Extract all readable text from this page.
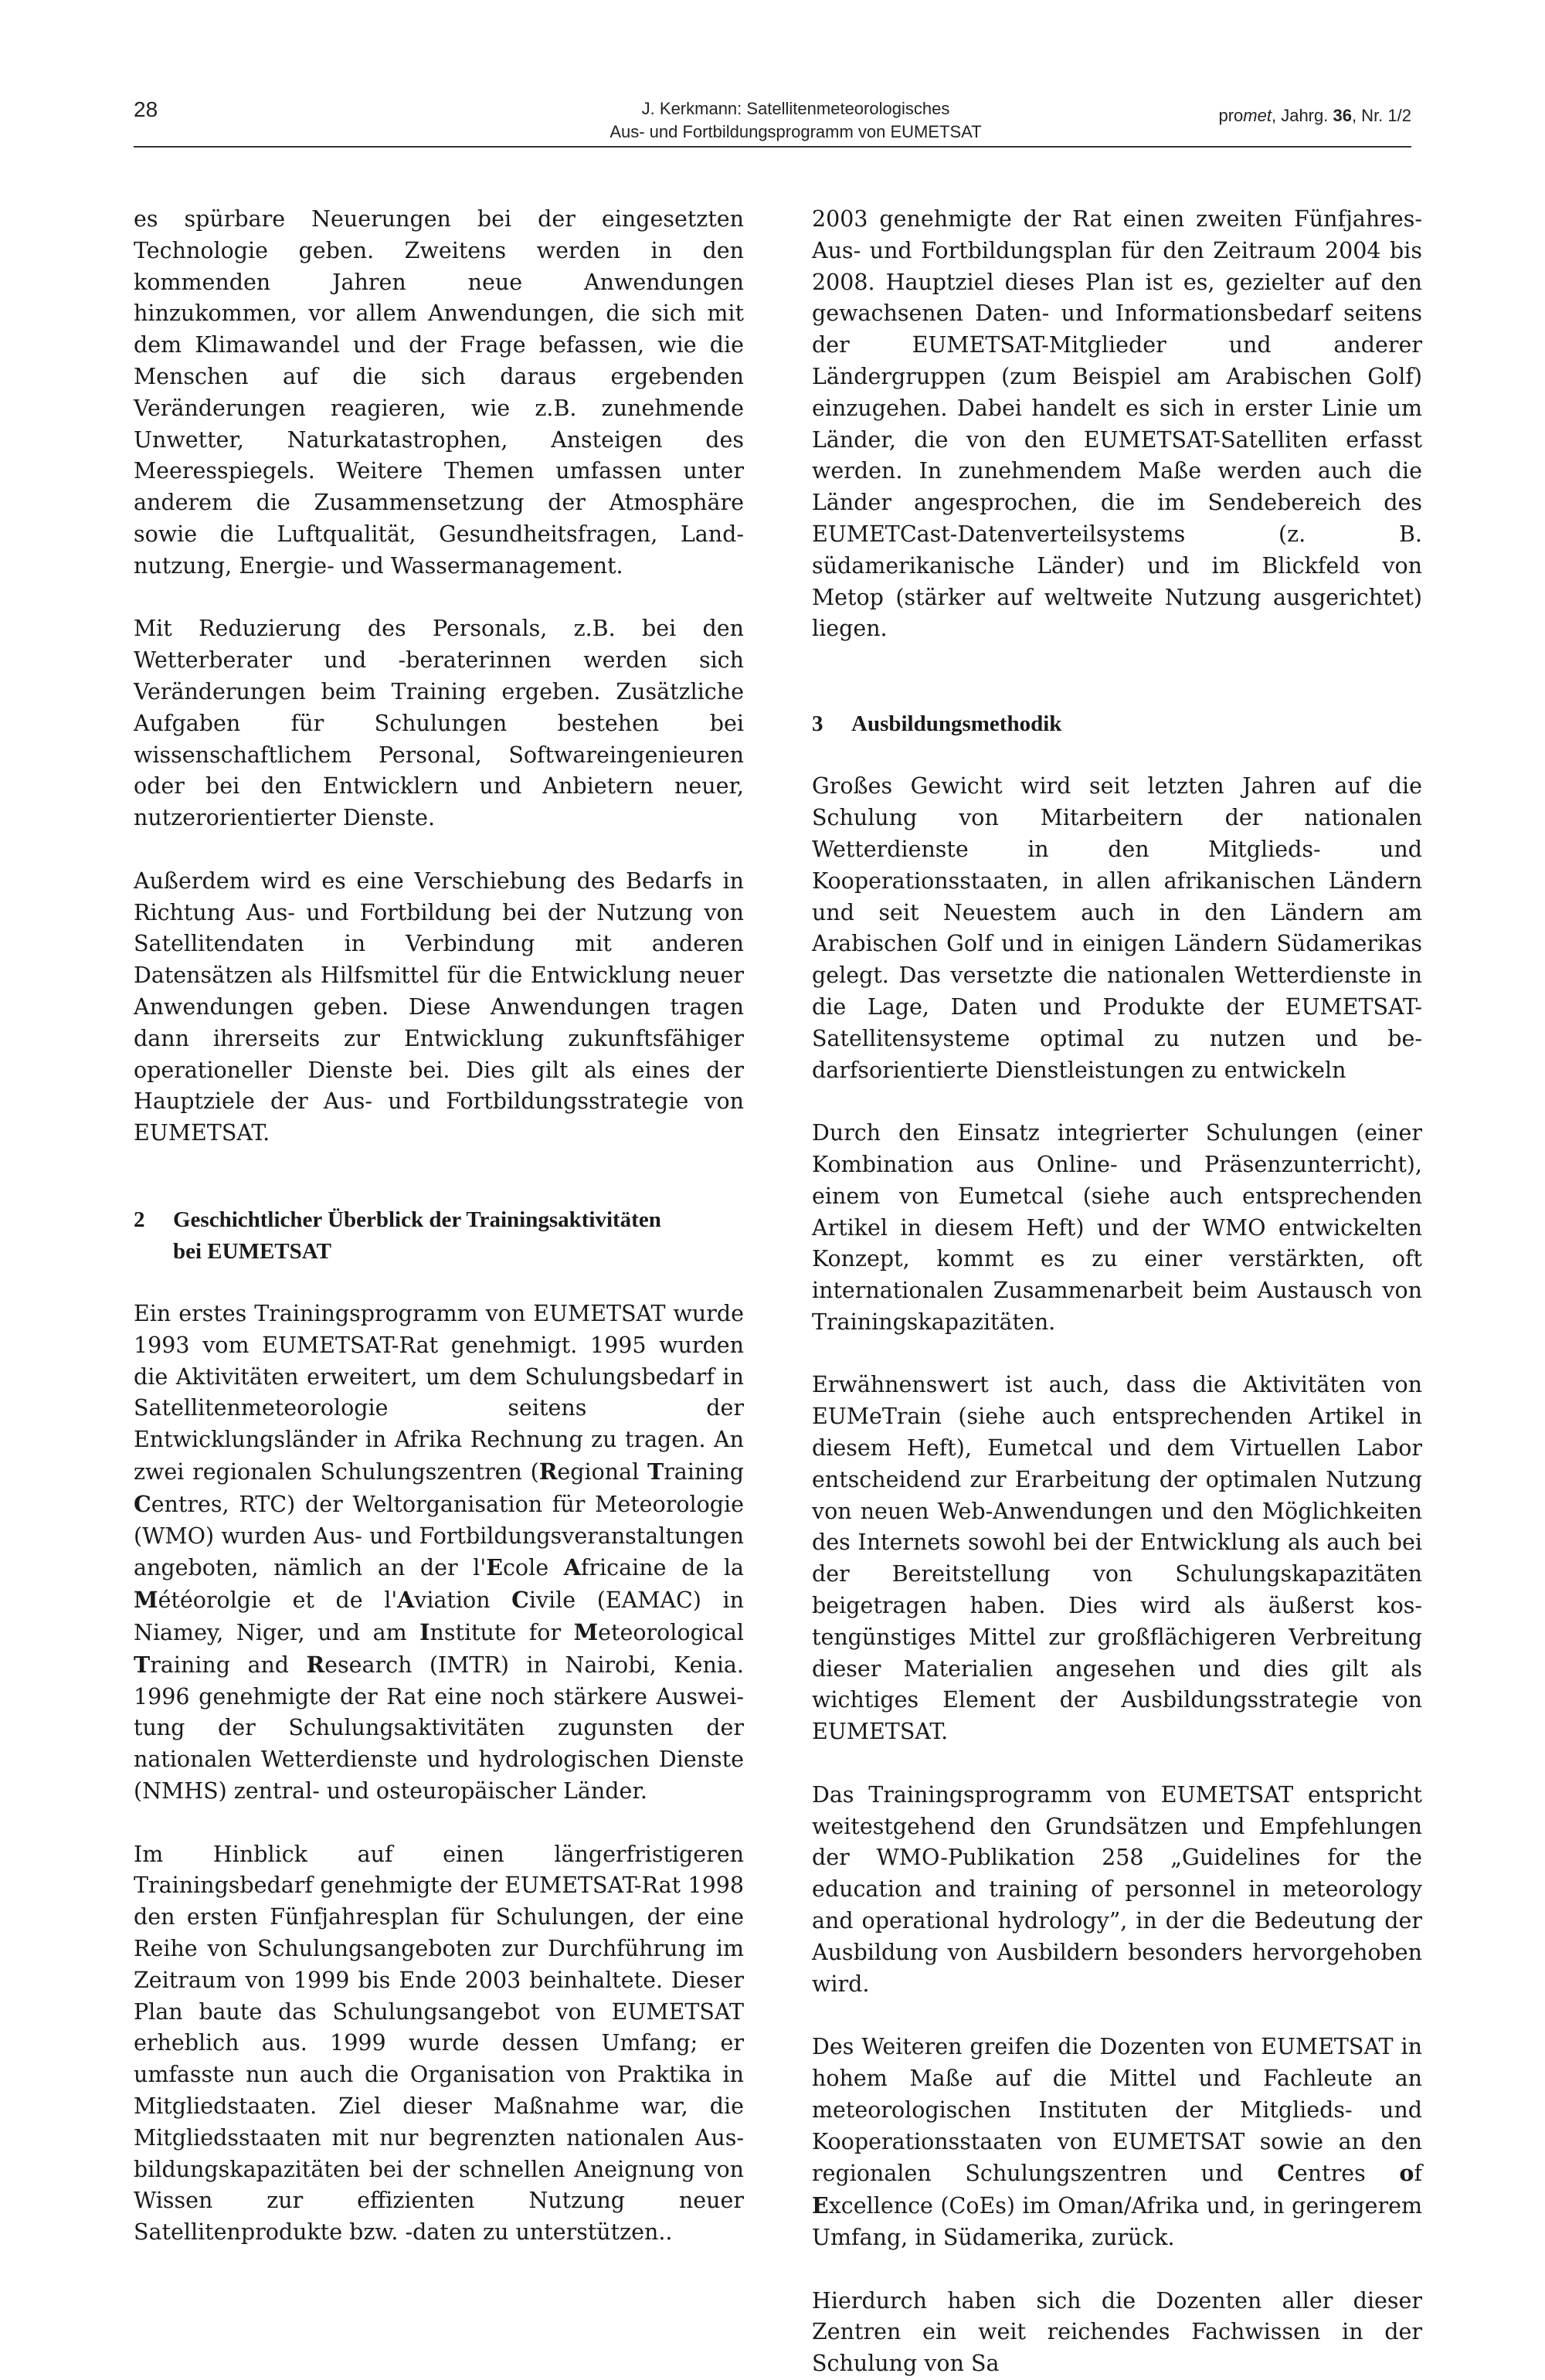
28	J. Kerkmann: Satellitenmeteorologisches
Aus- und Fortbildungsprogramm von EUMETSAT
promet, Jahrg. 36, Nr. 1/2

es spürbare Neuerungen bei der eingesetzten Technologie geben. Zweitens werden in den kommenden Jahren neue Anwendungen hinzukommen, vor allem Anwendungen, die sich mit dem Klimawandel und der Frage befassen, wie die Menschen auf die sich daraus ergebenden Veränderungen reagieren, wie z.B. zunehmende Unwetter, Naturkatastrophen, Ansteigen des Meeresspiegels. Weitere Themen umfassen unter anderem die Zusammensetzung der Atmosphäre sowie die Luftqualität, Gesundheitsfragen, Landnutzung, Energie- und Wassermanagement.

Mit Reduzierung des Personals, z.B. bei den Wetterberater und -beraterinnen werden sich Veränderungen beim Training ergeben. Zusätzliche Aufgaben für Schulungen bestehen bei wissenschaftlichem Personal, Softwareingenieuren oder bei den Entwicklern und Anbietern neuer, nutzerorientierter Dienste.

Außerdem wird es eine Verschiebung des Bedarfs in Richtung Aus- und Fortbildung bei der Nutzung von Satellitendaten in Verbindung mit anderen Datensätzen als Hilfsmittel für die Entwicklung neuer Anwendungen geben. Diese Anwendungen tragen dann ihrerseits zur Entwicklung zukunftsfähiger operationeller Dienste bei. Dies gilt als eines der Hauptziele der Aus- und Fortbildungsstrategie von EUMETSAT.

2	Geschichtlicher Überblick der Trainingsaktivitäten
bei EUMETSAT

Ein erstes Trainingsprogramm von EUMETSAT wurde 1993 vom EUMETSAT-Rat genehmigt. 1995 wurden die Aktivitäten erweitert, um dem Schulungsbedarf in Satellitenmeteorologie seitens der Entwicklungsländer in Afrika Rechnung zu tragen. An zwei regionalen Schulungszentren (Regional Training Centres, RTC) der Weltorganisation für Meteorologie (WMO) wurden Aus- und Fortbildungsveranstaltungen angeboten, nämlich an der l'Ecole Africaine de la Météorolgie et de l'Aviation Civile (EAMAC) in Niamey, Niger, und am Institute for Meteorological Training and Research (IMTR) in Nairobi, Kenia. 1996 genehmigte der Rat eine noch stärkere Ausweitung der Schulungsaktivitäten zugunsten der nationalen Wetterdienste und hydrologischen Dienste (NMHS) zentral- und osteuropäischer Länder.

Im Hinblick auf einen längerfristigeren Trainingsbedarf genehmigte der EUMETSAT-Rat 1998 den ersten Fünfjahresplan für Schulungen, der eine Reihe von Schulungsangeboten zur Durchführung im Zeitraum von 1999 bis Ende 2003 beinhaltete. Dieser Plan baute das Schulungsangebot von EUMETSAT erheblich aus. 1999 wurde dessen Umfang; er umfasste nun auch die Organisation von Praktika in Mitgliedstaaten. Ziel dieser Maßnahme war, die Mitgliedsstaaten mit nur begrenzten nationalen Ausbildungskapazitäten bei der schnellen Aneignung von Wissen zur effizienten Nutzung neuer Satellitenprodukte bzw. -daten zu unterstützen..

2003 genehmigte der Rat einen zweiten Fünfjahres-Aus- und Fortbildungsplan für den Zeitraum 2004 bis 2008. Hauptziel dieses Plan ist es, gezielter auf den gewachsenen Daten- und Informationsbedarf seitens der EUMETSAT-Mitglieder und anderer Ländergruppen (zum Beispiel am Arabischen Golf) einzugehen. Dabei handelt es sich in erster Linie um Länder, die von den EUMETSAT-Satelliten erfasst werden. In zunehmendem Maße werden auch die Länder angesprochen, die im Sendebereich des EUMETCast-Datenverteilsystems (z. B. südamerikanische Länder) und im Blickfeld von Metop (stärker auf weltweite Nutzung ausgerichtet) liegen.

3	Ausbildungsmethodik

Großes Gewicht wird seit letzten Jahren auf die Schulung von Mitarbeitern der nationalen Wetterdienste in den Mitglieds- und Kooperationsstaaten, in allen afrikanischen Ländern und seit Neuestem auch in den Ländern am Arabischen Golf und in einigen Ländern Südamerikas gelegt. Das versetzte die nationalen Wetterdienste in die Lage, Daten und Produkte der EUMETSAT-Satellitensysteme optimal zu nutzen und bedarfsorientierte Dienstleistungen zu entwickeln

Durch den Einsatz integrierter Schulungen (einer Kombination aus Online- und Präsenzunterricht), einem von Eumetcal (siehe auch entsprechenden Artikel in diesem Heft) und der WMO entwickelten Konzept, kommt es zu einer verstärkten, oft internationalen Zusammenarbeit beim Austausch von Trainingskapazitäten.

Erwähnenswert ist auch, dass die Aktivitäten von EUMeTrain (siehe auch entsprechenden Artikel in diesem Heft), Eumetcal und dem Virtuellen Labor entscheidend zur Erarbeitung der optimalen Nutzung von neuen Web-Anwendungen und den Möglichkeiten des Internets sowohl bei der Entwicklung als auch bei der Bereitstellung von Schulungskapazitäten beigetragen haben. Dies wird als äußerst kostengünstiges Mittel zur großflächigeren Verbreitung dieser Materialien angesehen und dies gilt als wichtiges Element der Ausbildungsstrategie von EUMETSAT.

Das Trainingsprogramm von EUMETSAT entspricht weitestgehend den Grundsätzen und Empfehlungen der WMO-Publikation 258 „Guidelines for the education and training of personnel in meteorology and operational hydrology”, in der die Bedeutung der Ausbildung von Ausbildern besonders hervorgehoben wird.

Des Weiteren greifen die Dozenten von EUMETSAT in hohem Maße auf die Mittel und Fachleute an meteorologischen Instituten der Mitglieds- und Kooperationsstaaten von EUMETSAT sowie an den regionalen Schulungszentren und Centres of Excellence (CoEs) im Oman/Afrika und, in geringerem Umfang, in Südamerika, zurück.

Hierdurch haben sich die Dozenten aller dieser Zentren ein weit reichendes Fachwissen in der Schulung von Sa
